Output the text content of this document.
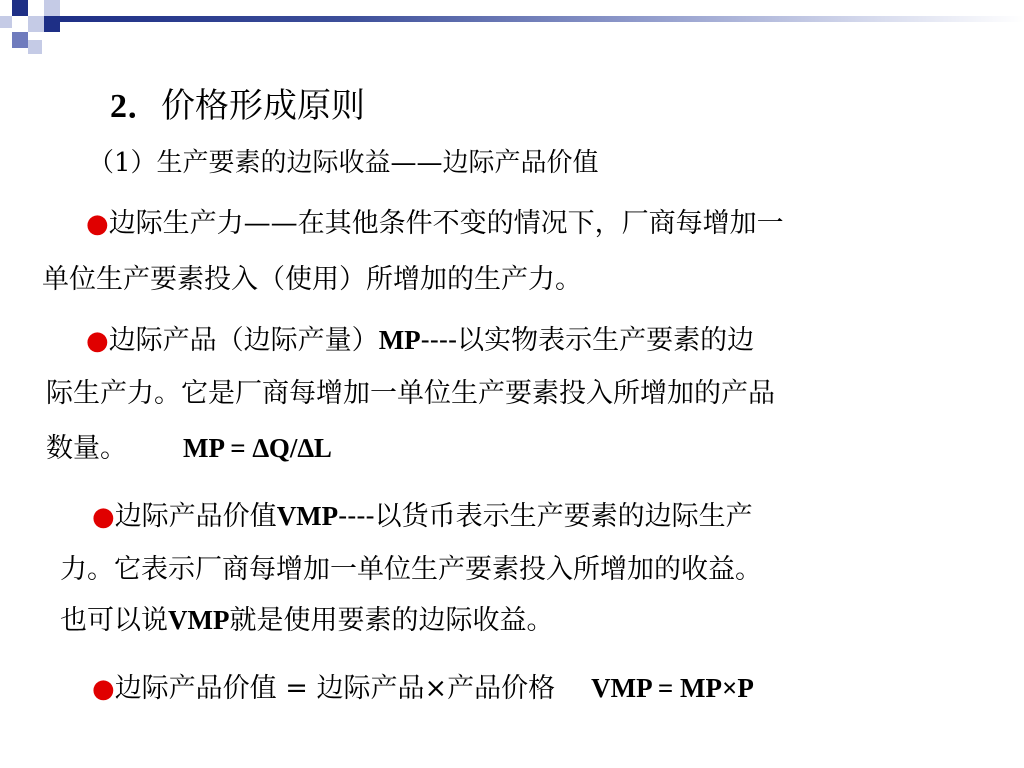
2．价格形成原则
（1）生产要素的边际收益——边际产品价值
●边际生产力——在其他条件不变的情况下，厂商每增加一
单位生产要素投入（使用）所增加的生产力。
●边际产品（边际产量）MP----以实物表示生产要素的边
际生产力。它是厂商每增加一单位生产要素投入所增加的产品
数量。 MP = ∆Q/∆L
●边际产品价值VMP----以货币表示生产要素的边际生产
力。它表示厂商每增加一单位生产要素投入所增加的收益。
也可以说VMP就是使用要素的边际收益。
●边际产品价值 = 边际产品×产品价格 VMP = MP×P
